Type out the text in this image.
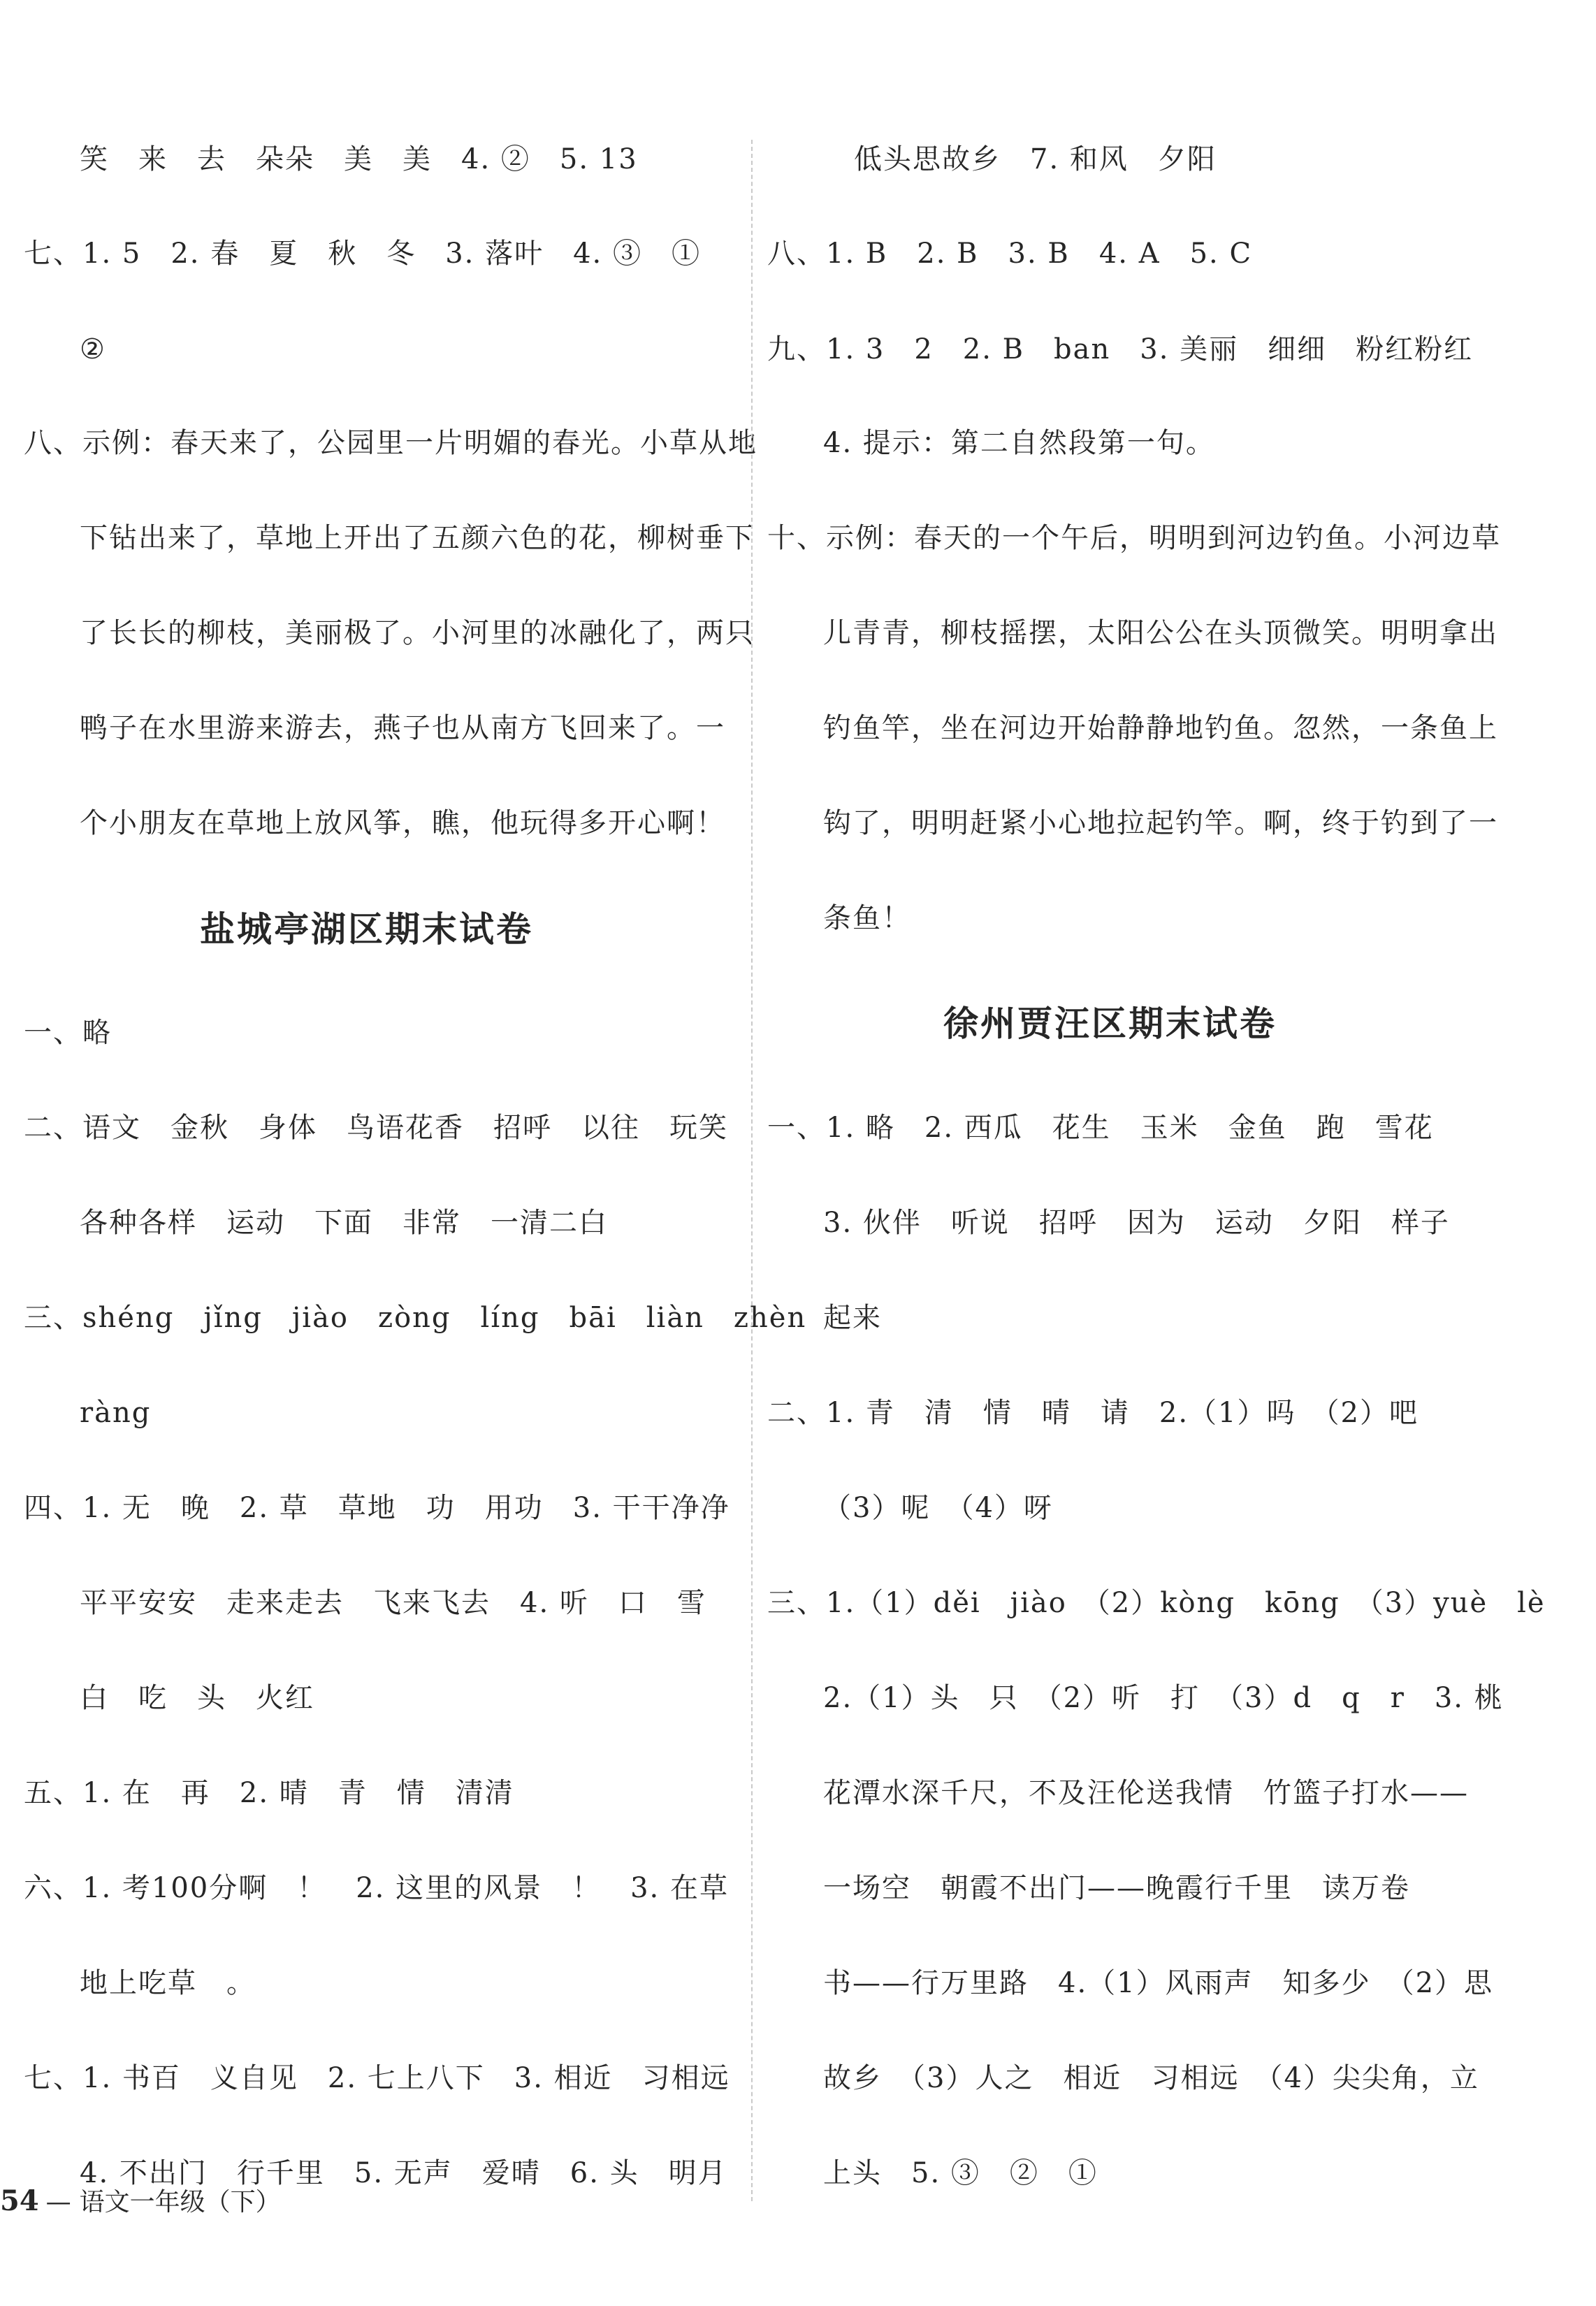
笑　来　去　朵朵　美　美　4. ②　5. 13
七、1. 5　2. 春　夏　秋　冬　3. 落叶　4. ③　①
②
八、示例：春天来了，公园里一片明媚的春光。小草从地
下钻出来了，草地上开出了五颜六色的花，柳树垂下
了长长的柳枝，美丽极了。小河里的冰融化了，两只
鸭子在水里游来游去，燕子也从南方飞回来了。一
个小朋友在草地上放风筝，瞧，他玩得多开心啊！
盐城亭湖区期末试卷
一、略
二、语文　金秋　身体　鸟语花香　招呼　以往　玩笑
各种各样　运动　下面　非常　一清二白
三、shéng　jǐng　jiào　zòng　líng　bāi　liàn　zhèn
ràng
四、1. 无　晚　2. 草　草地　功　用功　3. 干干净净
平平安安　走来走去　飞来飞去　4. 听　口　雪
白　吃　头　火红
五、1. 在　再　2. 晴　青　情　清清
六、1. 考100分啊　！　2. 这里的风景　！　3. 在草
地上吃草　。
七、1. 书百　义自见　2. 七上八下　3. 相近　习相远
4. 不出门　行千里　5. 无声　爱晴　6. 头　明月
低头思故乡　7. 和风　夕阳
八、1. B　2. B　3. B　4. A　5. C
九、1. 3　2　2. B　ban　3. 美丽　细细　粉红粉红
4. 提示：第二自然段第一句。
十、示例：春天的一个午后，明明到河边钓鱼。小河边草
儿青青，柳枝摇摆，太阳公公在头顶微笑。明明拿出
钓鱼竿，坐在河边开始静静地钓鱼。忽然，一条鱼上
钩了，明明赶紧小心地拉起钓竿。啊，终于钓到了一
条鱼！
徐州贾汪区期末试卷
一、1. 略　2. 西瓜　花生　玉米　金鱼　跑　雪花
3. 伙伴　听说　招呼　因为　运动　夕阳　样子
起来
二、1. 青　清　情　晴　请　2.（1）吗　（2）吧
（3）呢　（4）呀
三、1.（1）děi　jiào　（2）kòng　kōng　（3）yuè　lè
2.（1）头　只　（2）听　打　（3）d　q　r　3. 桃
花潭水深千尺，不及汪伦送我情　竹篮子打水——
一场空　朝霞不出门——晚霞行千里　读万卷
书——行万里路　4.（1）风雨声　知多少　（2）思
故乡　（3）人之　相近　习相远　（4）尖尖角，立
上头　5. ③　②　①
54 — 语文一年级（下）
